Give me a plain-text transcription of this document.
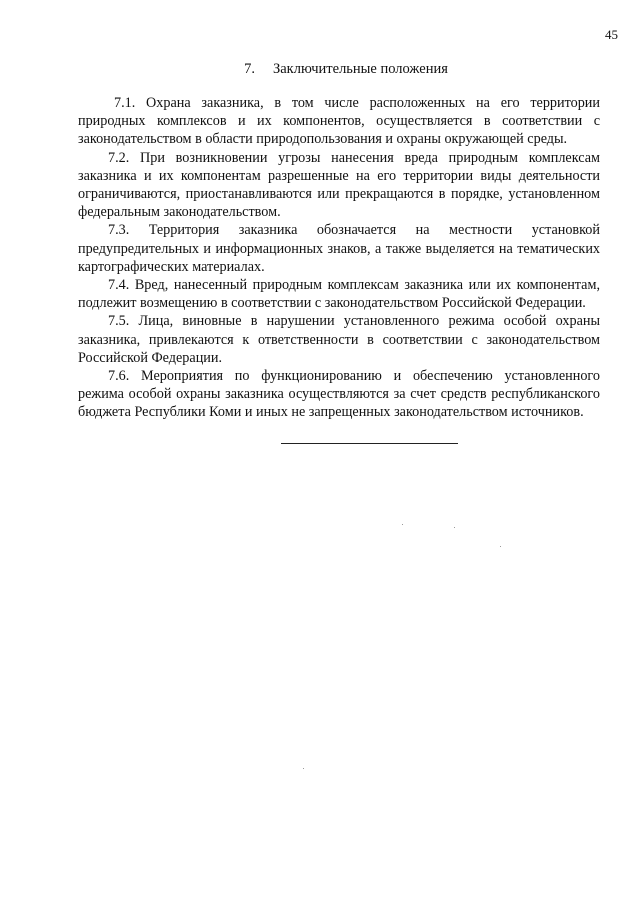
45
7. Заключительные положения

7.1. Охрана заказника, в том числе расположенных на его территории природных комплексов и их компонентов, осуществляется в соответствии с законодательством в области природопользования и охраны окружающей среды.

7.2. При возникновении угрозы нанесения вреда природным комплексам заказника и их компонентам разрешенные на его территории виды деятельности ограничиваются, приостанавливаются или прекращаются в порядке, установленном федеральным законодательством.

7.3. Территория заказника обозначается на местности установкой предупредительных и информационных знаков, а также выделяется на тематических картографических материалах.

7.4. Вред, нанесенный природным комплексам заказника или их компонентам, подлежит возмещению в соответствии с законодательством Российской Федерации.

7.5. Лица, виновные в нарушении установленного режима особой охраны заказника, привлекаются к ответственности в соответствии с законодательством Российской Федерации.

7.6. Мероприятия по функционированию и обеспечению установленного режима особой охраны заказника осуществляются за счет средств республиканского бюджета Республики Коми и иных не запрещенных законодательством источников.
